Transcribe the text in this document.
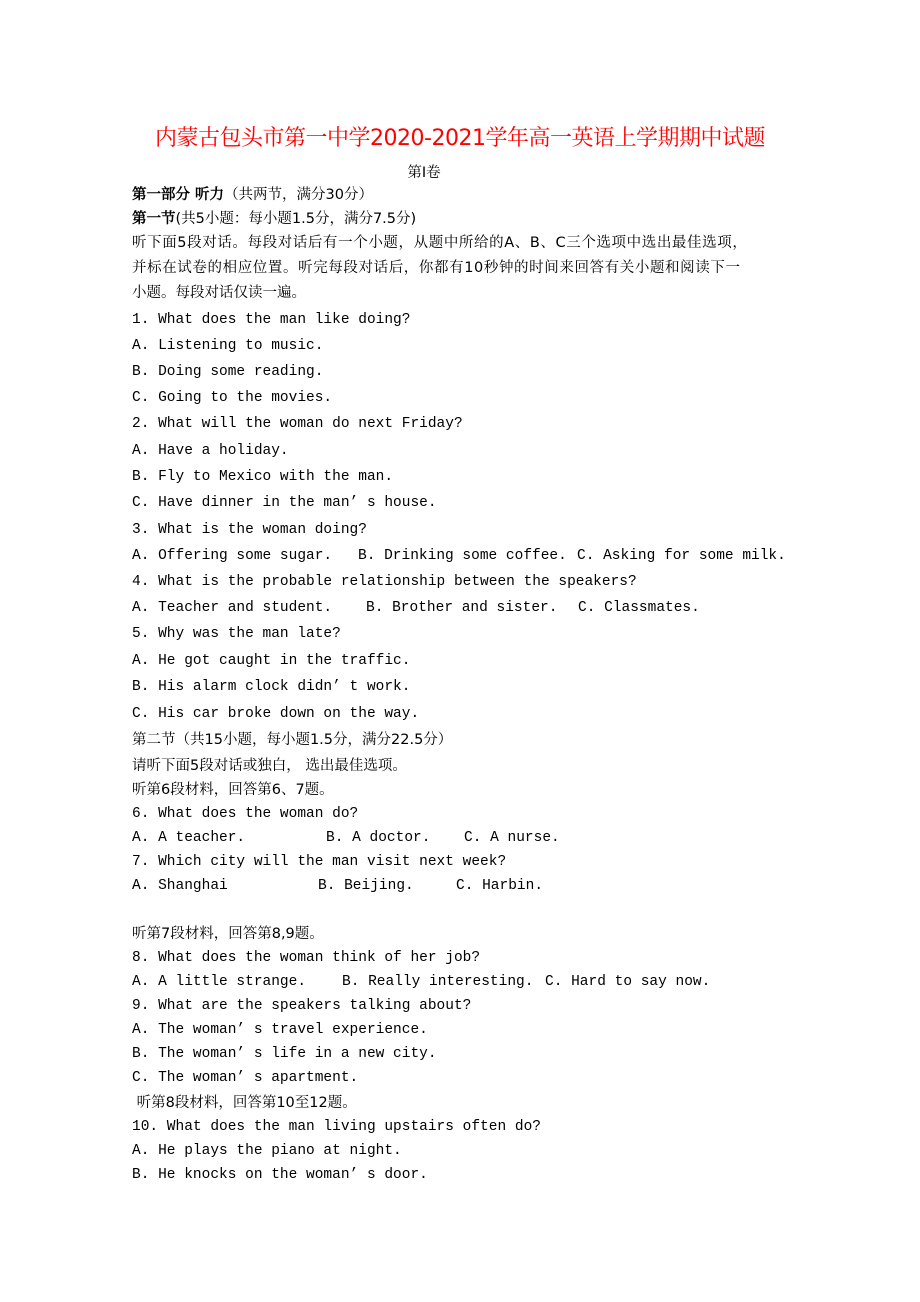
内蒙古包头市第一中学2020-2021学年高一英语上学期期中试题
第Ⅰ卷
第一部分 听力（共两节，满分30分）
第一节(共5小题：每小题1.5分，满分7.5分)
听下面5段对话。每段对话后有一个小题，从题中所给的A、B、C三个选项中选出最佳选项，
并标在试卷的相应位置。听完每段对话后，你都有10秒钟的时间来回答有关小题和阅读下一
小题。每段对话仅读一遍。
1. What does the man like doing?
A. Listening to music.
B. Doing some reading.
C. Going to the movies.
2. What will the woman do next Friday?
A. Have a holiday.
B. Fly to Mexico with the man.
C. Have dinner in the man’ s house.
3. What is the woman doing?
A. Offering some sugar. B. Drinking some coffee. C. Asking for some milk.
4. What is the probable relationship between the speakers?
A. Teacher and student. B. Brother and sister. C. Classmates.
5. Why was the man late?
A. He got caught in the traffic.
B. His alarm clock didn’ t work.
C. His car broke down on the way.
第二节（共15小题，每小题1.5分，满分22.5分）
请听下面5段对话或独白， 选出最佳选项。
听第6段材料，回答第6、7题。
6. What does the woman do?
A. A teacher.	B. A doctor. C. A nurse.
7. Which city will the man visit next week?
A. Shanghai	B. Beijing.	C. Harbin.
听第7段材料，回答第8,9题。
8. What does the woman think of her job?
A. A little strange. B. Really interesting. C. Hard to say now.
9. What are the speakers talking about?
A. The woman’ s travel experience.
B. The woman’ s life in a new city.
C. The woman’ s apartment.
听第8段材料，回答第10至12题。
10. What does the man living upstairs often do?
A. He plays the piano at night.
B. He knocks on the woman’ s door.
